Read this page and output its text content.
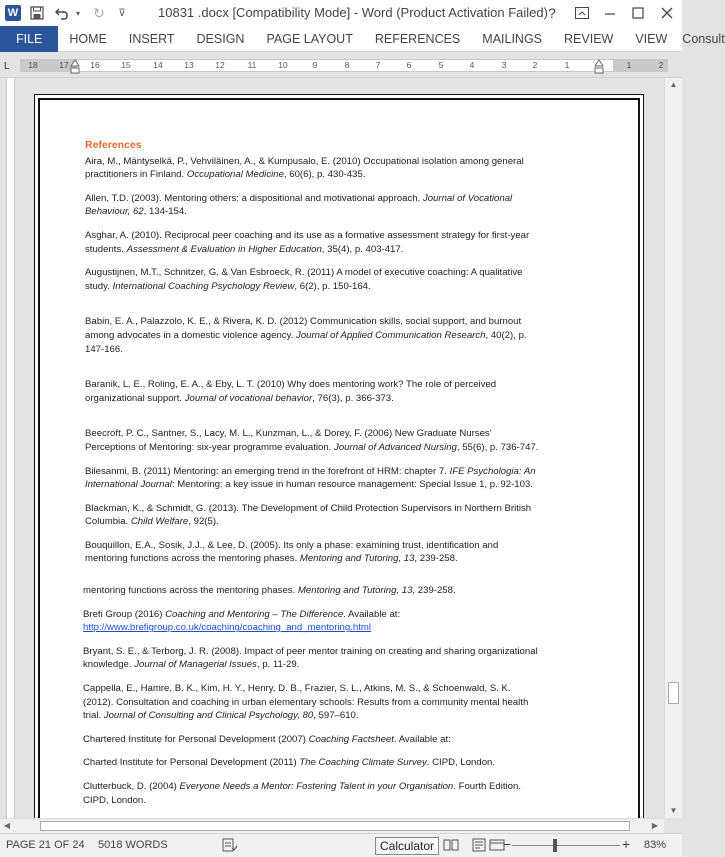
W	▾ ↻	⊽ 10831 .docx [Compatibility Mode] - Word (Product Activation Failed) ?
FILE	HOME	INSERT	DESIGN	PAGE LAYOUT	REFERENCES	MAILINGS	REVIEW	VIEW	Consult
L 18	17	16	15	14	13	12	11	10	9	8	7	6	5	4	3	2	1	1	2
References
Aira, M., Mäntyselkä, P., Vehviläinen, A., & Kumpusalo, E. (2010) Occupational isolation among general practitioners in Finland. Occupational Medicine, 60(6), p. 430-435.
Allen, T.D. (2003). Mentoring others: a dispositional and motivational approach. Journal of Vocational Behaviour, 62, 134-154.
Asghar, A. (2010). Reciprocal peer coaching and its use as a formative assessment strategy for first-year students. Assessment & Evaluation in Higher Education, 35(4), p. 403-417.
Augustijnen, M.T., Schnitzer, G. & Van Esbroeck, R. (2011) A model of executive coaching: A qualitative study. International Coaching Psychology Review, 6(2), p. 150-164.
Babin, E. A., Palazzolo, K. E., & Rivera, K. D. (2012) Communication skills, social support, and burnout among advocates in a domestic violence agency. Journal of Applied Communication Research, 40(2), p. 147-166.
Baranik, L. E., Roling, E. A., & Eby, L. T. (2010) Why does mentoring work? The role of perceived organizational support. Journal of vocational behavior, 76(3), p. 366-373.
Beecroft, P. C., Santner, S., Lacy, M. L., Kunzman, L., & Dorey, F. (2006) New Graduate Nurses' Perceptions of Mentoring: six-year programme evaluation. Journal of Advanced Nursing, 55(6), p. 736-747.
Bilesanmi, B. (2011) Mentoring: an emerging trend in the forefront of HRM: chapter 7. IFE Psychologia: An International Journal: Mentoring: a key issue in human resource management: Special Issue 1, p. 92-103.
Blackman, K., & Schmidt, G. (2013). The Development of Child Protection Supervisors in Northern British Columbia. Child Welfare, 92(5).
Bouquillon, E.A., Sosik, J.J., & Lee, D. (2005). Its only a phase: examining trust, identification and mentoring functions across the mentoring phases. Mentoring and Tutoring, 13, 239-258.
mentoring functions across the mentoring phases. Mentoring and Tutoring, 13, 239-258.
Brefi Group (2016) Coaching and Mentoring – The Difference. Available at:
http://www.brefigroup.co.uk/coaching/coaching_and_mentoring.html
Bryant, S. E., & Terborg, J. R. (2008). Impact of peer mentor training on creating and sharing organizational knowledge. Journal of Managerial Issues, p. 11-29.
Cappella, E., Hamre, B. K., Kim, H. Y., Henry, D. B., Frazier, S. L., Atkins, M. S., & Schoenwald, S. K. (2012). Consultation and coaching in urban elementary schools: Results from a community mental health trial. Journal of Consulting and Clinical Psychology, 80, 597–610.
Chartered Institute for Personal Development (2007) Coaching Factsheet. Available at:
Charted Institute for Personal Development (2011) The Coaching Climate Survey. CIPD, London.
Clutterbuck, D. (2004) Everyone Needs a Mentor: Fostering Talent in your Organisation. Fourth Edition. CIPD, London.
▲
▼
◀	▶
PAGE 21 OF 24 5018 WORDS	Calculator	−	+ 83%
